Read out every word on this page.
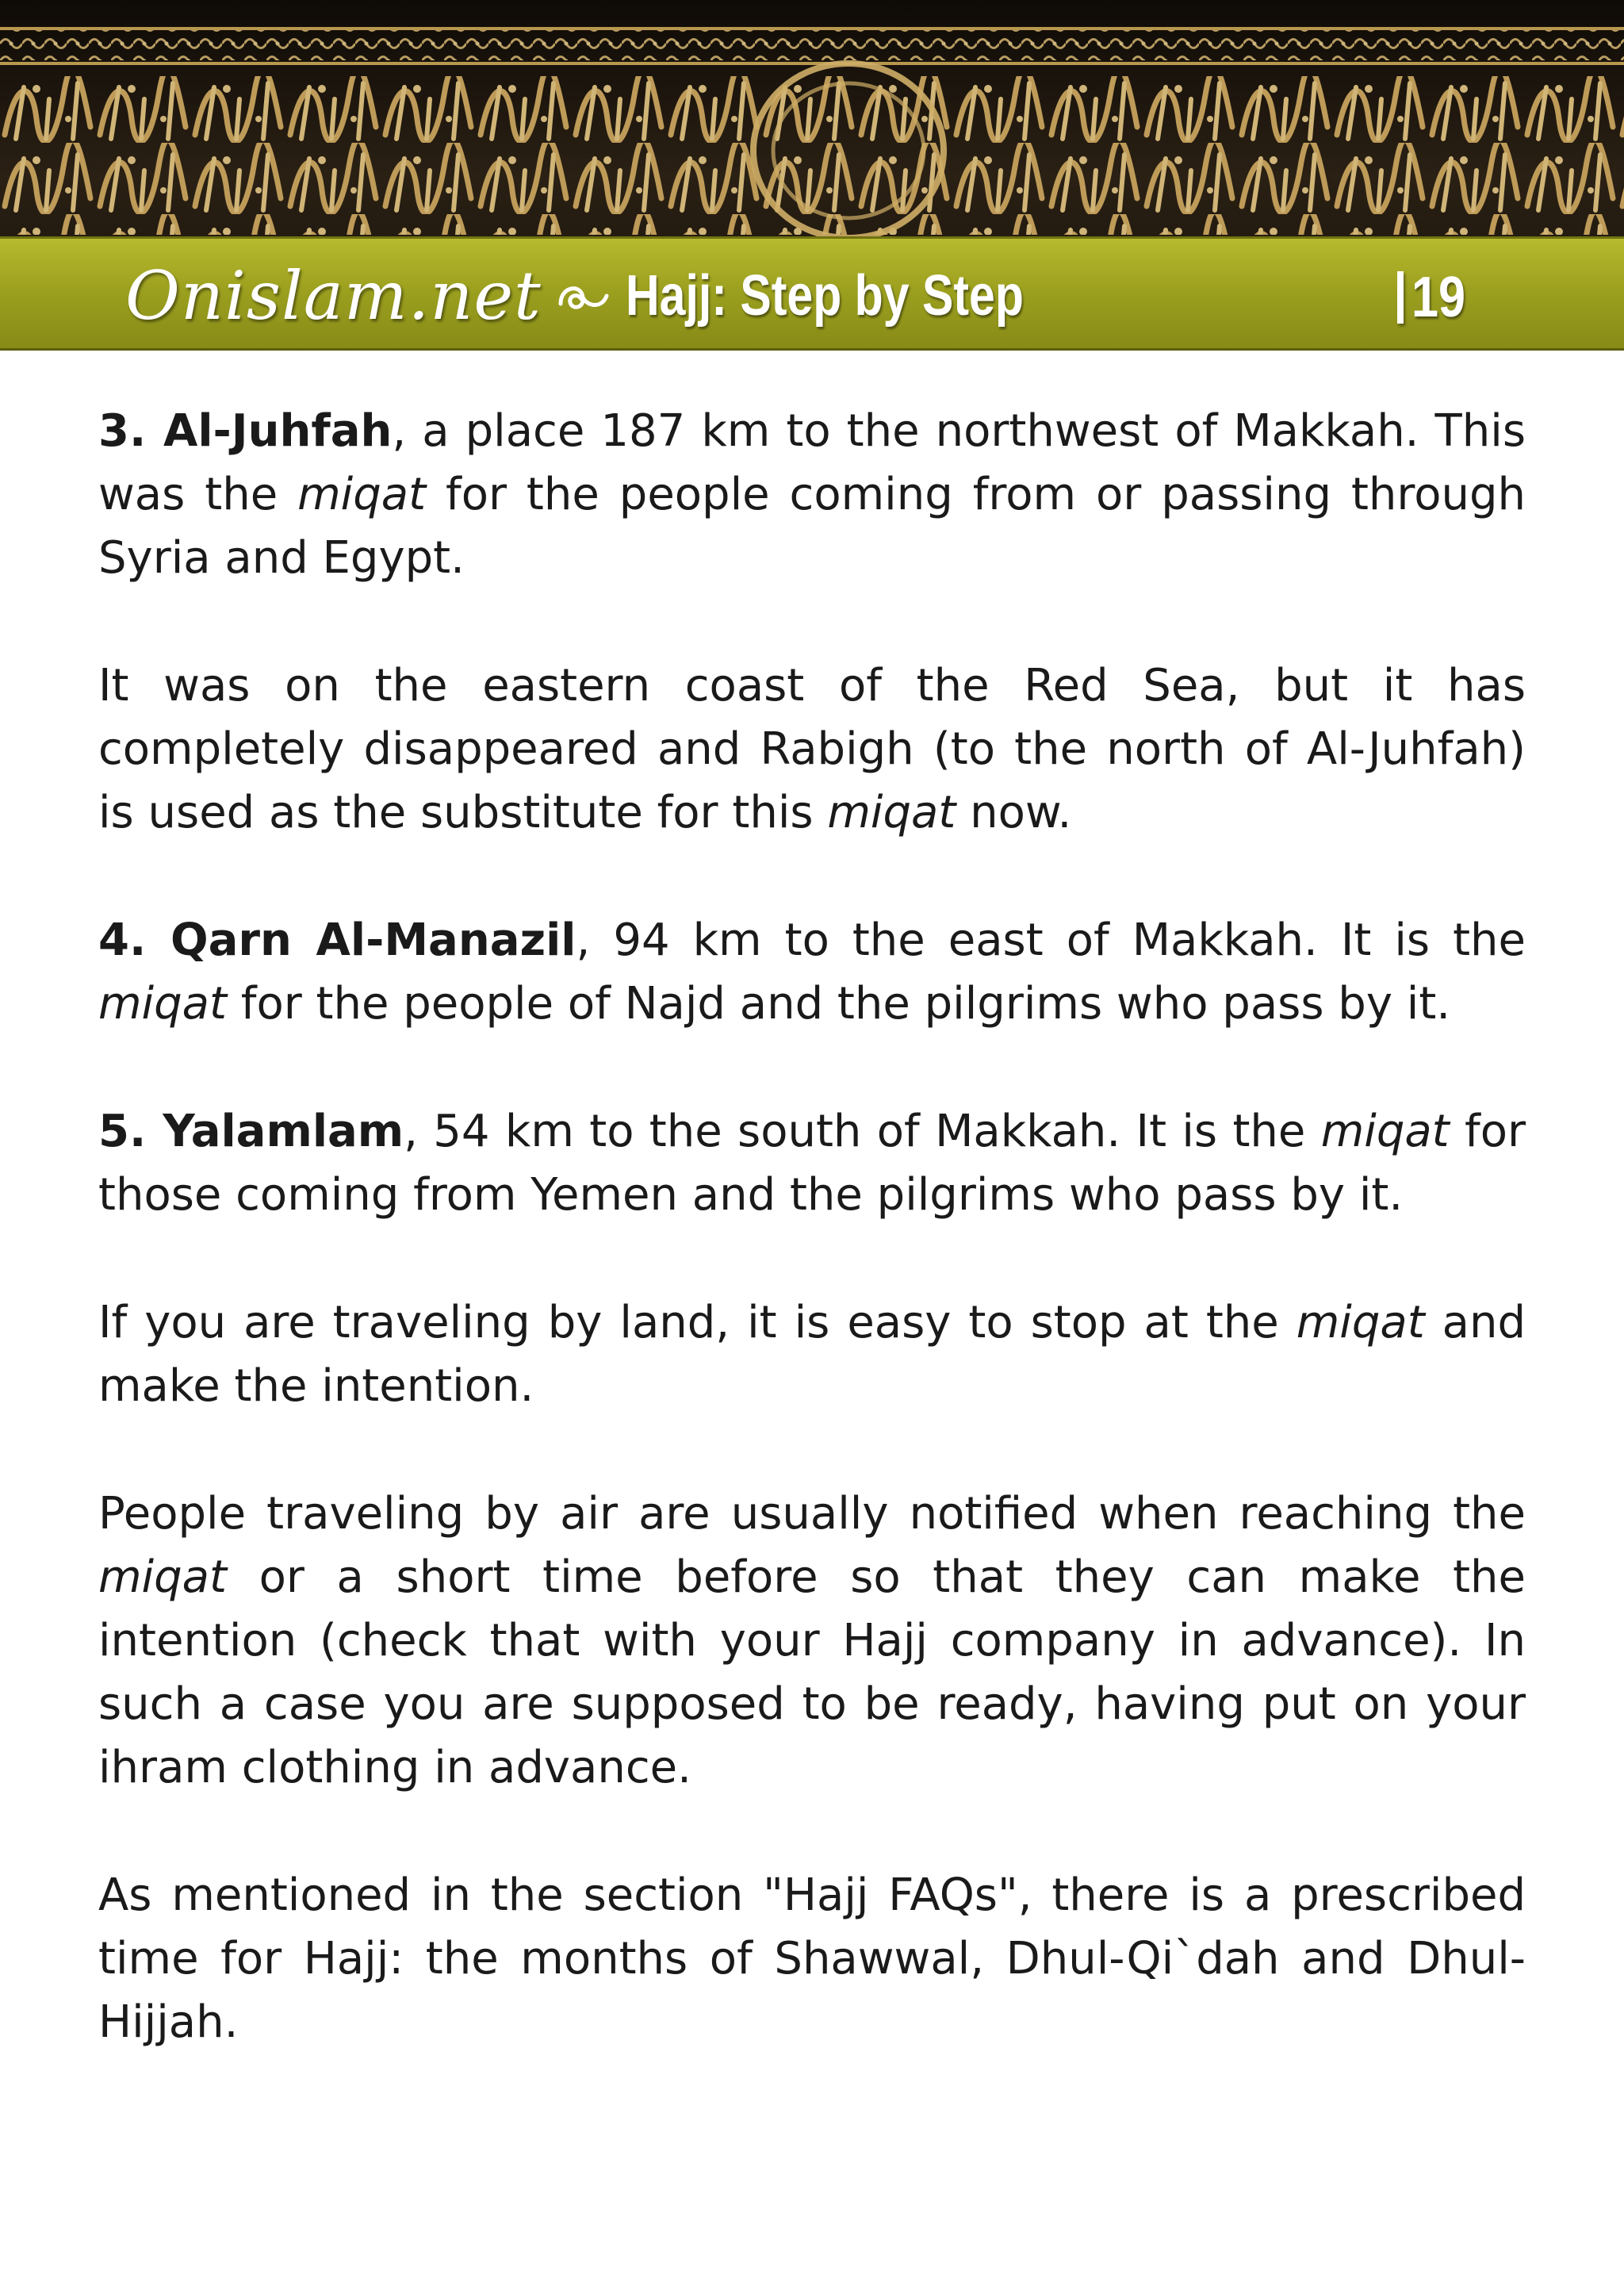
Onislam.net Hajj: Step by Step	19

3. Al-Juhfah, a place 187 km to the northwest of Makkah. This was the miqat for the people coming from or passing through Syria and Egypt.

It was on the eastern coast of the Red Sea, but it has completely disappeared and Rabigh (to the north of Al-Juhfah) is used as the substitute for this miqat now.

4. Qarn Al-Manazil, 94 km to the east of Makkah. It is the miqat for the people of Najd and the pilgrims who pass by it.

5. Yalamlam, 54 km to the south of Makkah. It is the miqat for those coming from Yemen and the pilgrims who pass by it.

If you are traveling by land, it is easy to stop at the miqat and make the intention.

People traveling by air are usually notified when reaching the miqat or a short time before so that they can make the intention (check that with your Hajj company in advance). In such a case you are supposed to be ready, having put on your ihram clothing in advance.

As mentioned in the section "Hajj FAQs", there is a prescribed time for Hajj: the months of Shawwal, Dhul-Qi`dah and Dhul-Hijjah.
